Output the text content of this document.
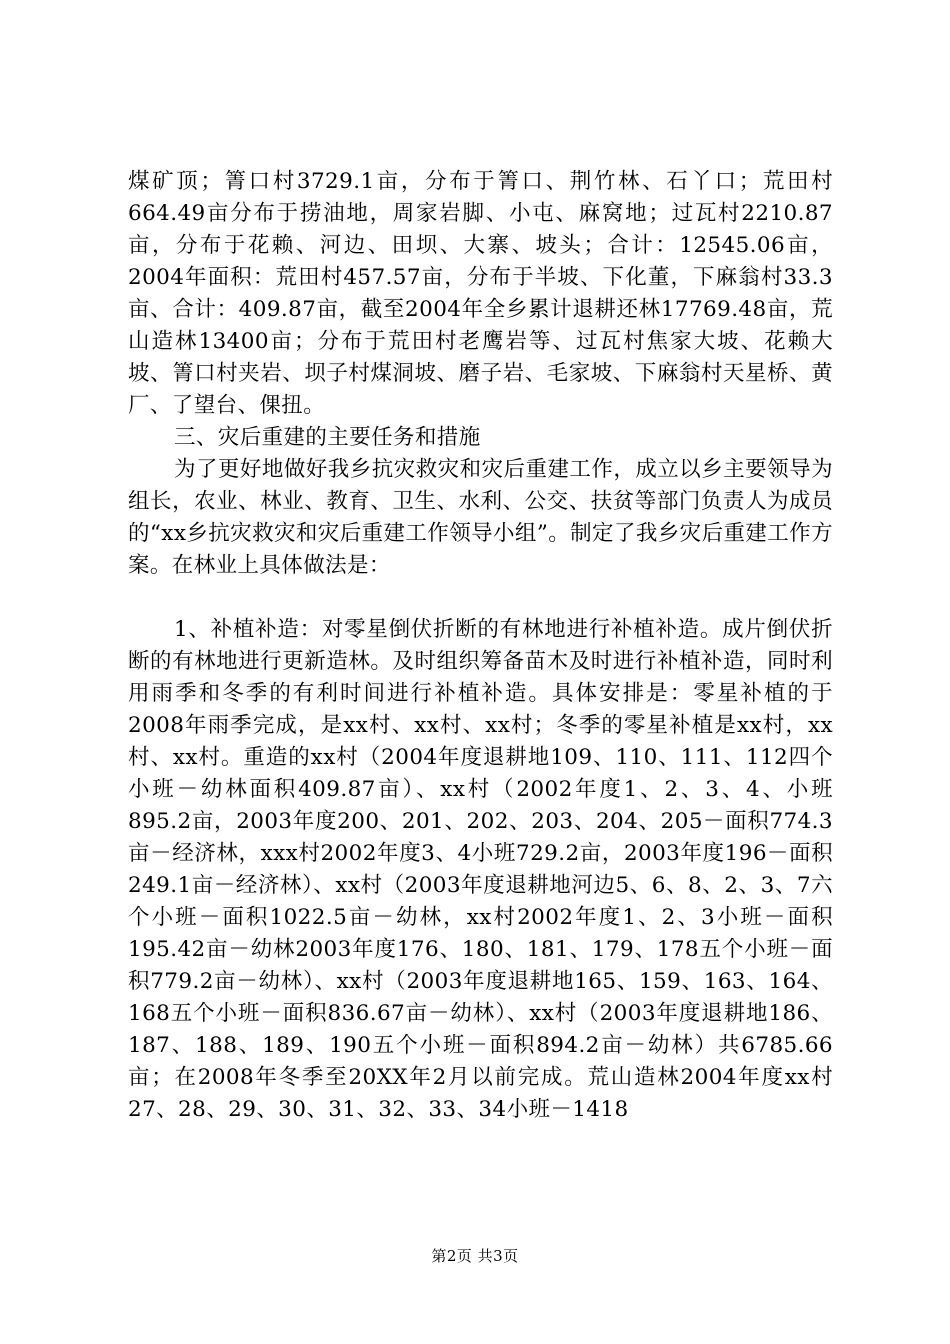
煤矿顶；箐口村3729.1亩，分布于箐口、荆竹林、石丫口；荒田村664.49亩分布于捞油地，周家岩脚、小屯、麻窝地；过瓦村2210.87亩，分布于花赖、河边、田坝、大寨、坡头；合计：12545.06亩，2004年面积：荒田村457.57亩，分布于半坡、下化董，下麻翁村33.3亩、合计：409.87亩，截至2004年全乡累计退耕还林17769.48亩，荒山造林13400亩；分布于荒田村老鹰岩等、过瓦村焦家大坡、花赖大坡、箐口村夹岩、坝子村煤洞坡、磨子岩、毛家坡、下麻翁村天星桥、黄厂、了望台、倮扭。

三、灾后重建的主要任务和措施

为了更好地做好我乡抗灾救灾和灾后重建工作，成立以乡主要领导为组长，农业、林业、教育、卫生、水利、公交、扶贫等部门负责人为成员的“xx乡抗灾救灾和灾后重建工作领导小组”。制定了我乡灾后重建工作方案。在林业上具体做法是：

1、补植补造：对零星倒伏折断的有林地进行补植补造。成片倒伏折断的有林地进行更新造林。及时组织筹备苗木及时进行补植补造，同时利用雨季和冬季的有利时间进行补植补造。具体安排是：零星补植的于2008年雨季完成，是xx村、xx村、xx村；冬季的零星补植是xx村，xx村、xx村。重造的xx村（2004年度退耕地109、110、111、112四个小班－幼林面积409.87亩）、xx村（2002年度1、2、3、4、小班895.2亩，2003年度200、201、202、203、204、205－面积774.3亩－经济林，xxx村2002年度3、4小班729.2亩，2003年度196－面积249.1亩－经济林）、xx村（2003年度退耕地河边5、6、8、2、3、7六个小班－面积1022.5亩－幼林，xx村2002年度1、2、3小班－面积195.42亩－幼林2003年度176、180、181、179、178五个小班－面积779.2亩－幼林）、xx村（2003年度退耕地165、159、163、164、168五个小班－面积836.67亩－幼林）、xx村（2003年度退耕地186、187、188、189、190五个小班－面积894.2亩－幼林）共6785.66亩；在2008年冬季至20XX年2月以前完成。荒山造林2004年度xx村27、28、29、30、31、32、33、34小班－1418

第2页 共3页
